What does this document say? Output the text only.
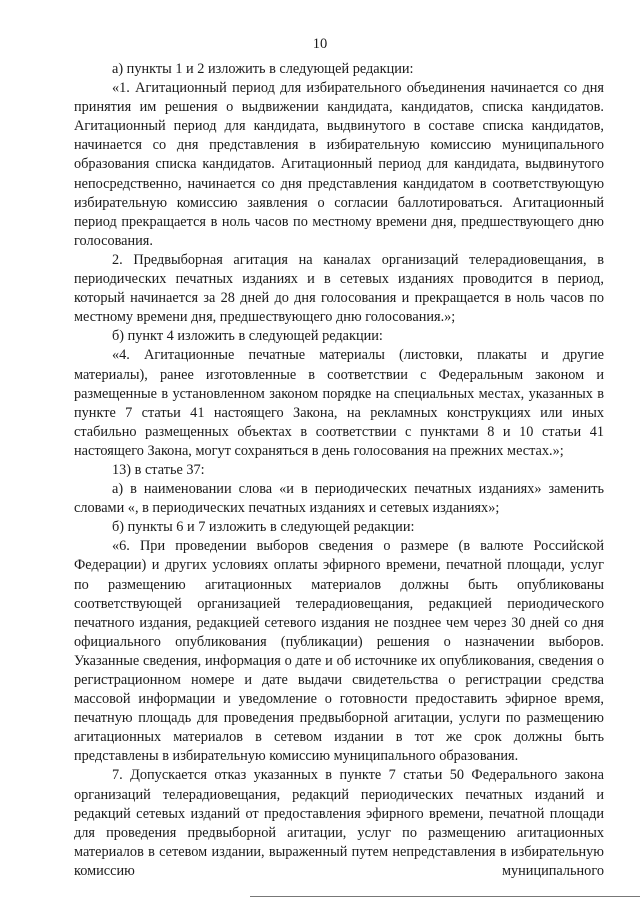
10

а) пункты 1 и 2 изложить в следующей редакции:

«1. Агитационный период для избирательного объединения начинается со дня принятия им решения о выдвижении кандидата, кандидатов, списка кандидатов. Агитационный период для кандидата, выдвинутого в составе списка кандидатов, начинается со дня представления в избирательную комиссию муниципального образования списка кандидатов. Агитационный период для кандидата, выдвинутого непосредственно, начинается со дня представления кандидатом в соответствующую избирательную комиссию заявления о согласии баллотироваться. Агитационный период прекращается в ноль часов по местному времени дня, предшествующего дню голосования.

2. Предвыборная агитация на каналах организаций телерадиовещания, в периодических печатных изданиях и в сетевых изданиях проводится в период, который начинается за 28 дней до дня голосования и прекращается в ноль часов по местному времени дня, предшествующего дню голосования.»;

б) пункт 4 изложить в следующей редакции:

«4. Агитационные печатные материалы (листовки, плакаты и другие материалы), ранее изготовленные в соответствии с Федеральным законом и размещенные в установленном законом порядке на специальных местах, указанных в пункте 7 статьи 41 настоящего Закона, на рекламных конструкциях или иных стабильно размещенных объектах в соответствии с пунктами 8 и 10 статьи 41 настоящего Закона, могут сохраняться в день голосования на прежних местах.»;

13) в статье 37:

а) в наименовании слова «и в периодических печатных изданиях» заменить словами «, в периодических печатных изданиях и сетевых изданиях»;

б) пункты 6 и 7 изложить в следующей редакции:

«6. При проведении выборов сведения о размере (в валюте Российской Федерации) и других условиях оплаты эфирного времени, печатной площади, услуг по размещению агитационных материалов должны быть опубликованы соответствующей организацией телерадиовещания, редакцией периодического печатного издания, редакцией сетевого издания не позднее чем через 30 дней со дня официального опубликования (публикации) решения о назначении выборов. Указанные сведения, информация о дате и об источнике их опубликования, сведения о регистрационном номере и дате выдачи свидетельства о регистрации средства массовой информации и уведомление о готовности предоставить эфирное время, печатную площадь для проведения предвыборной агитации, услуги по размещению агитационных материалов в сетевом издании в тот же срок должны быть представлены в избирательную комиссию муниципального образования.

7. Допускается отказ указанных в пункте 7 статьи 50 Федерального закона организаций телерадиовещания, редакций периодических печатных изданий и редакций сетевых изданий от предоставления эфирного времени, печатной площади для проведения предвыборной агитации, услуг по размещению агитационных материалов в сетевом издании, выраженный путем непредставления в избирательную комиссию муниципального
